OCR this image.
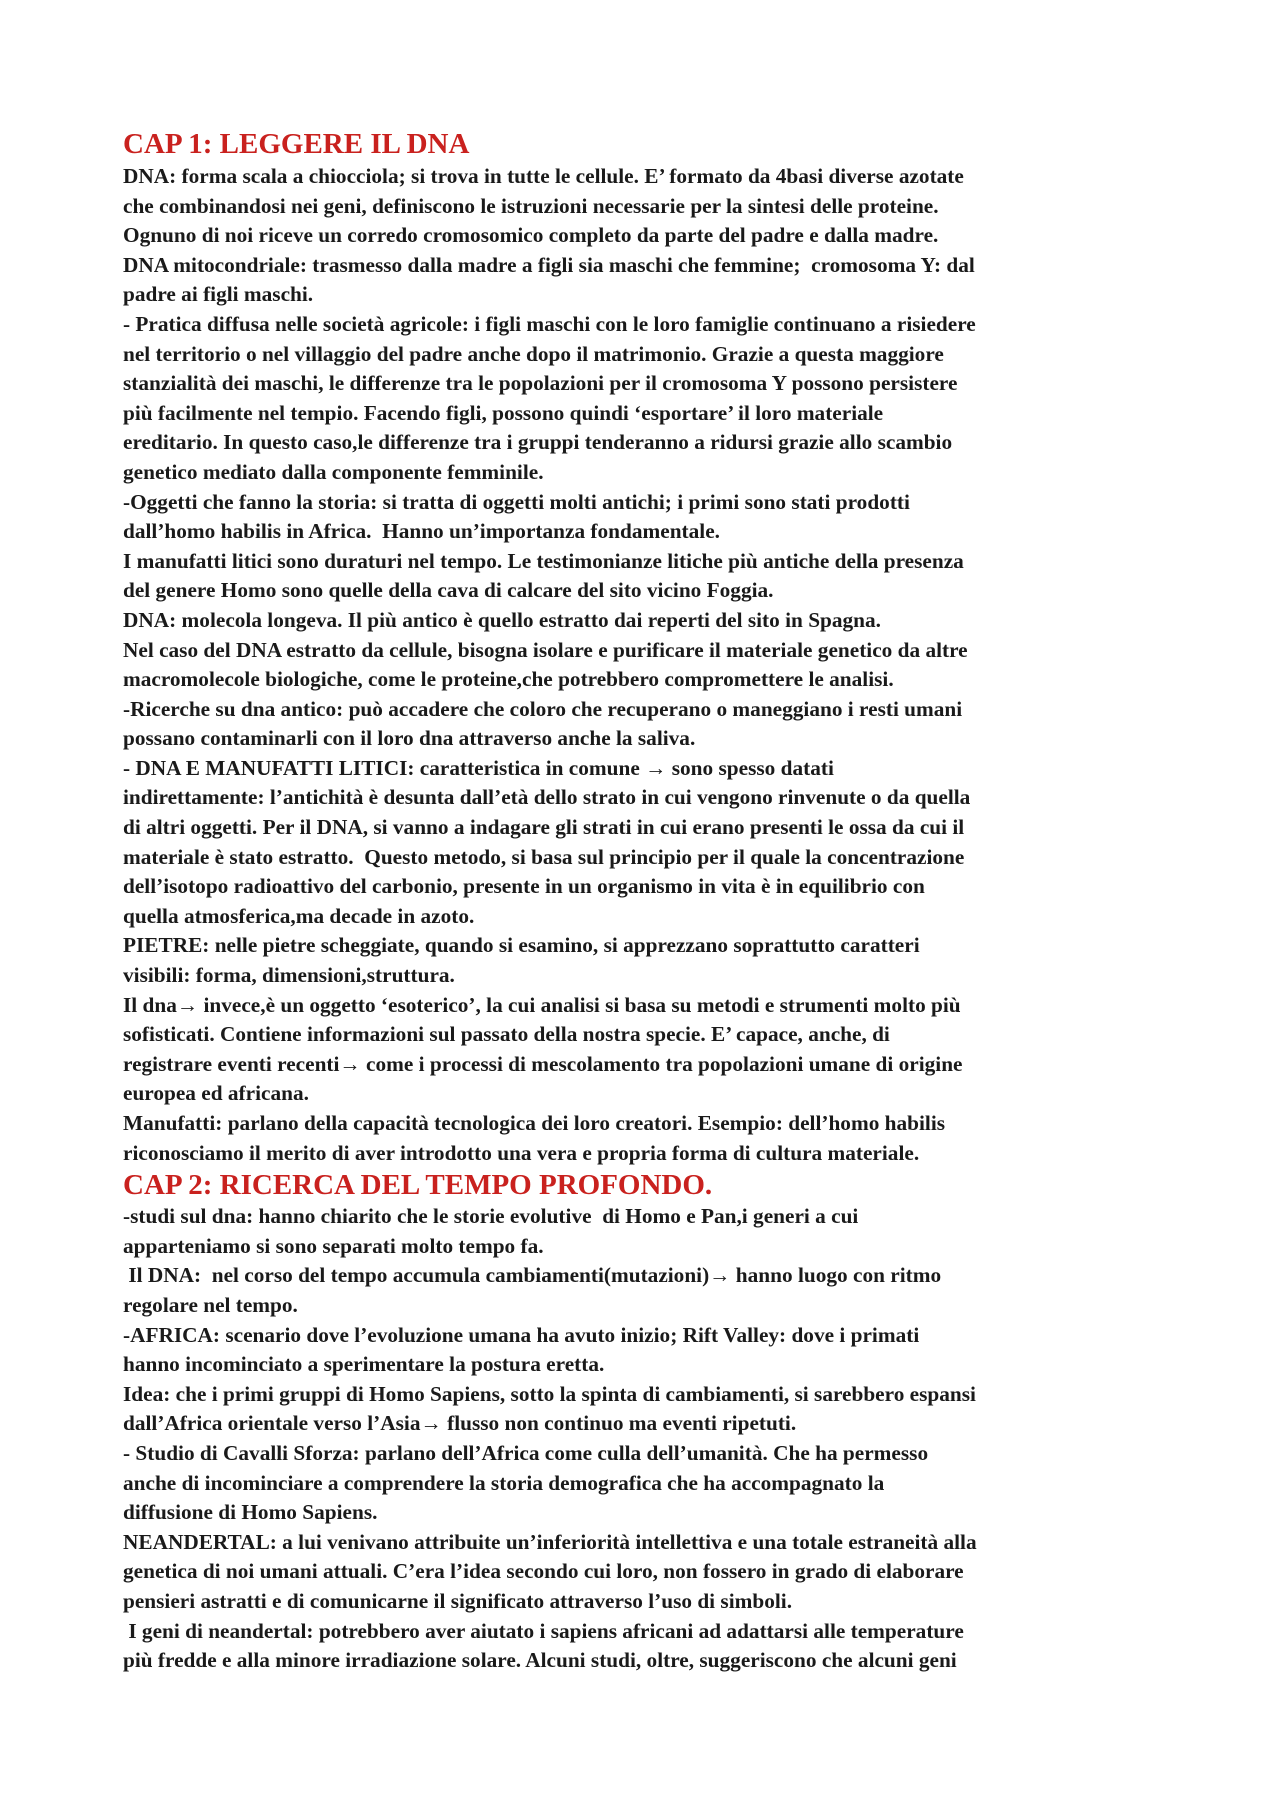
CAP 1: LEGGERE IL DNA
DNA: forma scala a chiocciola; si trova in tutte le cellule. E’ formato da 4basi diverse azotate
che combinandosi nei geni, definiscono le istruzioni necessarie per la sintesi delle proteine.
Ognuno di noi riceve un corredo cromosomico completo da parte del padre e dalla madre.
DNA mitocondriale: trasmesso dalla madre a figli sia maschi che femmine;  cromosoma Y: dal
padre ai figli maschi.
- Pratica diffusa nelle società agricole: i figli maschi con le loro famiglie continuano a risiedere
nel territorio o nel villaggio del padre anche dopo il matrimonio. Grazie a questa maggiore
stanzialità dei maschi, le differenze tra le popolazioni per il cromosoma Y possono persistere
più facilmente nel tempio. Facendo figli, possono quindi ‘esportare’ il loro materiale
ereditario. In questo caso,le differenze tra i gruppi tenderanno a ridursi grazie allo scambio
genetico mediato dalla componente femminile.
-Oggetti che fanno la storia: si tratta di oggetti molti antichi; i primi sono stati prodotti
dall’homo habilis in Africa.  Hanno un’importanza fondamentale.
I manufatti litici sono duraturi nel tempo. Le testimonianze litiche più antiche della presenza
del genere Homo sono quelle della cava di calcare del sito vicino Foggia.
DNA: molecola longeva. Il più antico è quello estratto dai reperti del sito in Spagna.
Nel caso del DNA estratto da cellule, bisogna isolare e purificare il materiale genetico da altre
macromolecole biologiche, come le proteine,che potrebbero compromettere le analisi.
-Ricerche su dna antico: può accadere che coloro che recuperano o maneggiano i resti umani
possano contaminarli con il loro dna attraverso anche la saliva.
- DNA E MANUFATTI LITICI: caratteristica in comune → sono spesso datati
indirettamente: l’antichità è desunta dall’età dello strato in cui vengono rinvenute o da quella
di altri oggetti. Per il DNA, si vanno a indagare gli strati in cui erano presenti le ossa da cui il
materiale è stato estratto.  Questo metodo, si basa sul principio per il quale la concentrazione
dell’isotopo radioattivo del carbonio, presente in un organismo in vita è in equilibrio con
quella atmosferica,ma decade in azoto.
PIETRE: nelle pietre scheggiate, quando si esamino, si apprezzano soprattutto caratteri
visibili: forma, dimensioni,struttura.
Il dna→ invece,è un oggetto ‘esoterico’, la cui analisi si basa su metodi e strumenti molto più
sofisticati. Contiene informazioni sul passato della nostra specie. E’ capace, anche, di
registrare eventi recenti→ come i processi di mescolamento tra popolazioni umane di origine
europea ed africana.
Manufatti: parlano della capacità tecnologica dei loro creatori. Esempio: dell’homo habilis
riconosciamo il merito di aver introdotto una vera e propria forma di cultura materiale.
CAP 2: RICERCA DEL TEMPO PROFONDO.
-studi sul dna: hanno chiarito che le storie evolutive  di Homo e Pan,i generi a cui
apparteniamo si sono separati molto tempo fa.
Il DNA:  nel corso del tempo accumula cambiamenti(mutazioni)→ hanno luogo con ritmo
regolare nel tempo.
-AFRICA: scenario dove l’evoluzione umana ha avuto inizio; Rift Valley: dove i primati
hanno incominciato a sperimentare la postura eretta.
Idea: che i primi gruppi di Homo Sapiens, sotto la spinta di cambiamenti, si sarebbero espansi
dall’Africa orientale verso l’Asia→ flusso non continuo ma eventi ripetuti.
- Studio di Cavalli Sforza: parlano dell’Africa come culla dell’umanità. Che ha permesso
anche di incominciare a comprendere la storia demografica che ha accompagnato la
diffusione di Homo Sapiens.
NEANDERTAL: a lui venivano attribuite un’inferiorità intellettiva e una totale estraneità alla
genetica di noi umani attuali. C’era l’idea secondo cui loro, non fossero in grado di elaborare
pensieri astratti e di comunicarne il significato attraverso l’uso di simboli.
I geni di neandertal: potrebbero aver aiutato i sapiens africani ad adattarsi alle temperature
più fredde e alla minore irradiazione solare. Alcuni studi, oltre, suggeriscono che alcuni geni
